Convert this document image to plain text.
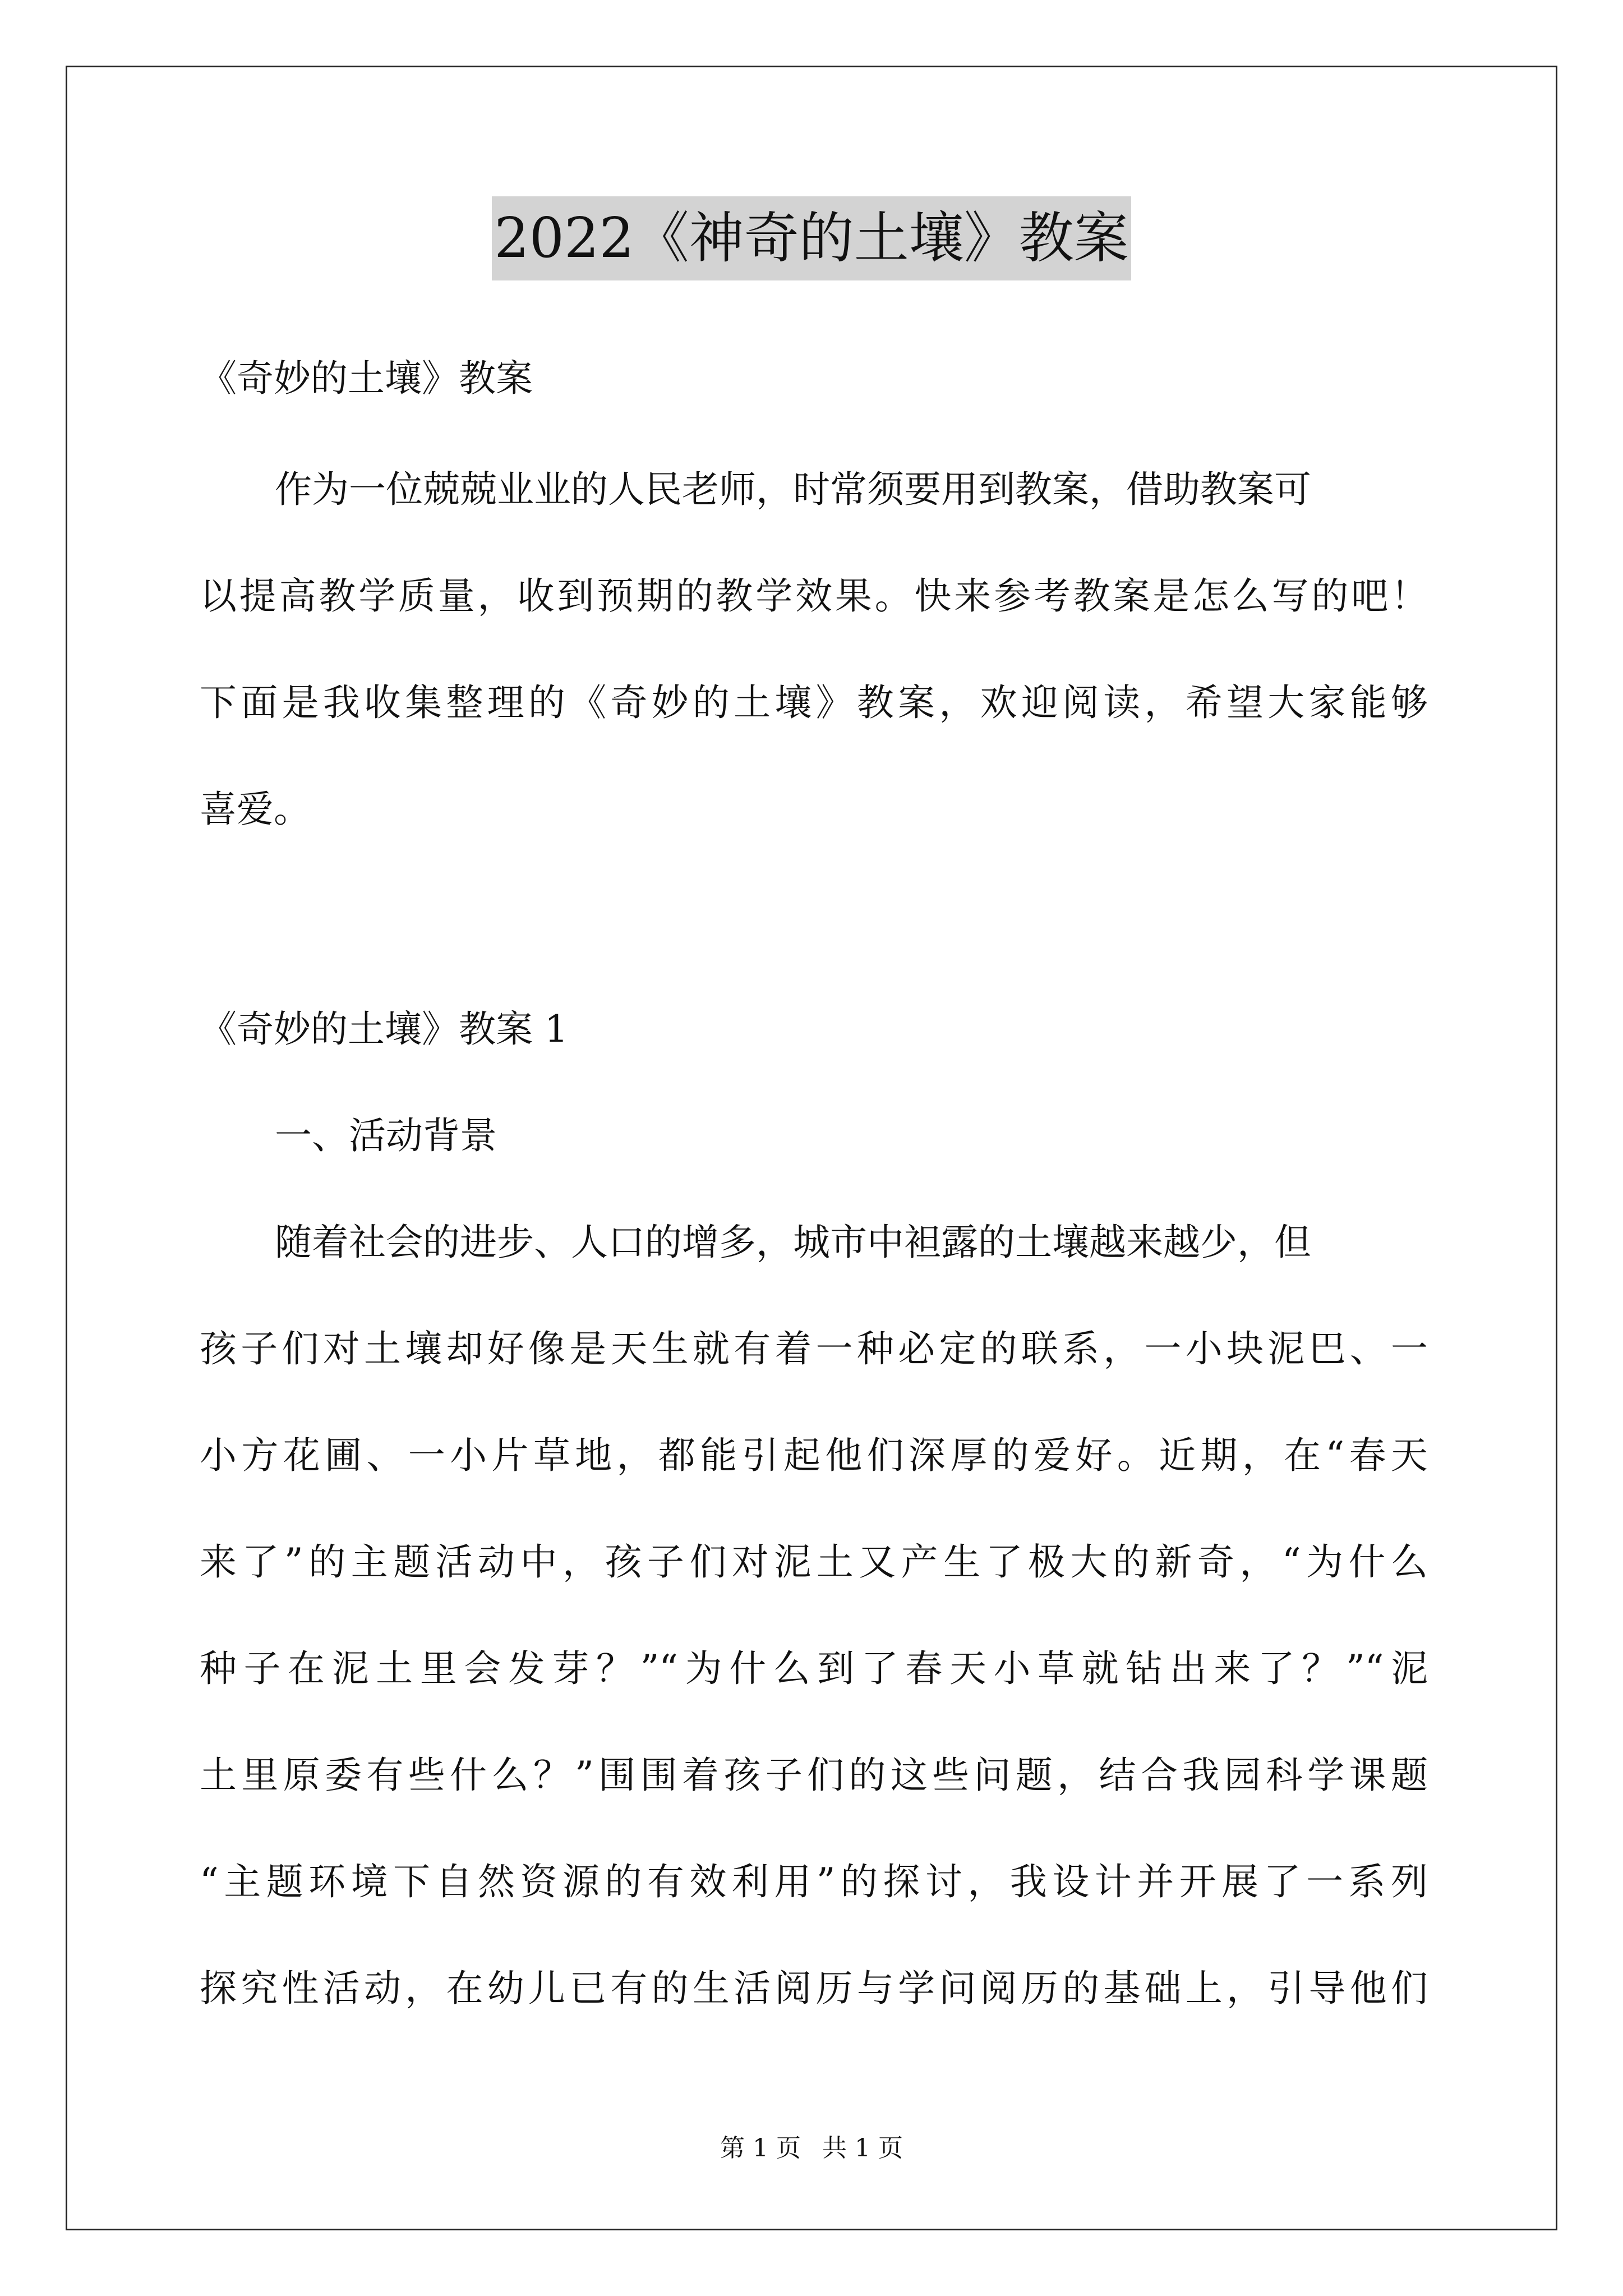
2022《神奇的土壤》教案
《奇妙的土壤》教案
作为一位兢兢业业的人民老师，时常须要用到教案，借助教案可
以提高教学质量，收到预期的教学效果。快来参考教案是怎么写的吧！
下面是我收集整理的《奇妙的土壤》教案，欢迎阅读，希望大家能够
喜爱。
《奇妙的土壤》教案 1
一、活动背景
随着社会的进步、人口的增多，城市中袒露的土壤越来越少，但
孩子们对土壤却好像是天生就有着一种必定的联系，一小块泥巴、一
小方花圃、一小片草地，都能引起他们深厚的爱好。近期，在“春天
来了”的主题活动中，孩子们对泥土又产生了极大的新奇，“为什么
种子在泥土里会发芽？”“为什么到了春天小草就钻出来了？”“泥
土里原委有些什么？”围围着孩子们的这些问题，结合我园科学课题
“主题环境下自然资源的有效利用”的探讨，我设计并开展了一系列
探究性活动，在幼儿已有的生活阅历与学问阅历的基础上，引导他们
第 1 页 共 1 页
